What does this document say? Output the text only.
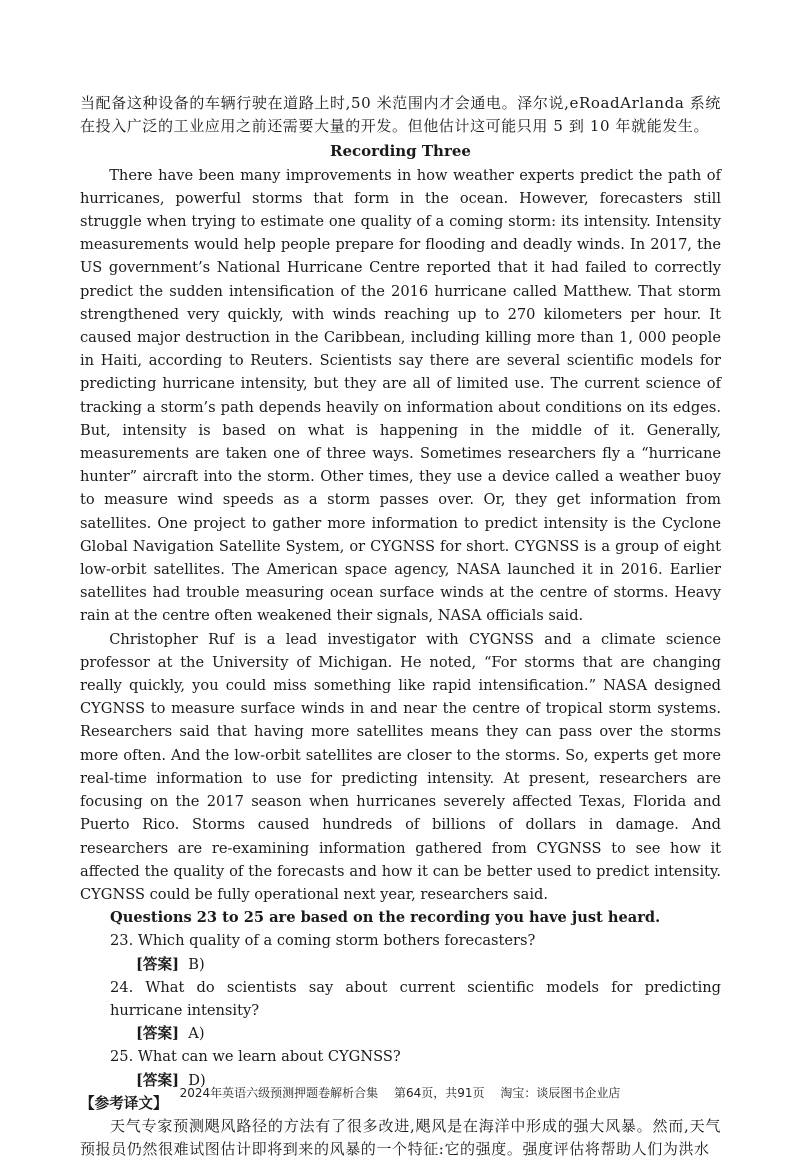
当配备这种设备的车辆行驶在道路上时,50 米范围内才会通电。泽尔说,eRoadArlanda 系统在投入广泛的工业应用之前还需要大量的开发。但他估计这可能只用 5 到 10 年就能发生。

Recording Three

There have been many improvements in how weather experts predict the path of hurricanes, powerful storms that form in the ocean. However, forecasters still struggle when trying to estimate one quality of a coming storm: its intensity. Intensity measurements would help people prepare for flooding and deadly winds. In 2017, the US government’s National Hurricane Centre reported that it had failed to correctly predict the sudden intensification of the 2016 hurricane called Matthew. That storm strengthened very quickly, with winds reaching up to 270 kilometers per hour. It caused major destruction in the Caribbean, including killing more than 1, 000 people in Haiti, according to Reuters. Scientists say there are several scientific models for predicting hurricane intensity, but they are all of limited use. The current science of tracking a storm’s path depends heavily on information about conditions on its edges. But, intensity is based on what is happening in the middle of it. Generally, measurements are taken one of three ways. Sometimes researchers fly a “hurricane hunter” aircraft into the storm. Other times, they use a device called a weather buoy to measure wind speeds as a storm passes over. Or, they get information from satellites. One project to gather more information to predict intensity is the Cyclone Global Navigation Satellite System, or CYGNSS for short. CYGNSS is a group of eight low-orbit satellites. The American space agency, NASA launched it in 2016. Earlier satellites had trouble measuring ocean surface winds at the centre of storms. Heavy rain at the centre often weakened their signals, NASA officials said.

Christopher Ruf is a lead investigator with CYGNSS and a climate science professor at the University of Michigan. He noted, “For storms that are changing really quickly, you could miss something like rapid intensification.” NASA designed CYGNSS to measure surface winds in and near the centre of tropical storm systems. Researchers said that having more satellites means they can pass over the storms more often. And the low-orbit satellites are closer to the storms. So, experts get more real-time information to use for predicting intensity. At present, researchers are focusing on the 2017 season when hurricanes severely affected Texas, Florida and Puerto Rico. Storms caused hundreds of billions of dollars in damage. And researchers are re-examining information gathered from CYGNSS to see how it affected the quality of the forecasts and how it can be better used to predict intensity. CYGNSS could be fully operational next year, researchers said.

Questions 23 to 25 are based on the recording you have just heard.

23. Which quality of a coming storm bothers forecasters?

[答案] B)

24. What do scientists say about current scientific models for predicting hurricane intensity?

[答案] A)

25. What can we learn about CYGNSS?

[答案] D)

【参考译文】

天气专家预测飓风路径的方法有了很多改进,飓风是在海洋中形成的强大风暴。然而,天气预报员仍然很难试图估计即将到来的风暴的一个特征:它的强度。强度评估将帮助人们为洪水

2024年英语六级预测押题卷解析合集 第64页，共91页 淘宝：谈辰图书企业店
